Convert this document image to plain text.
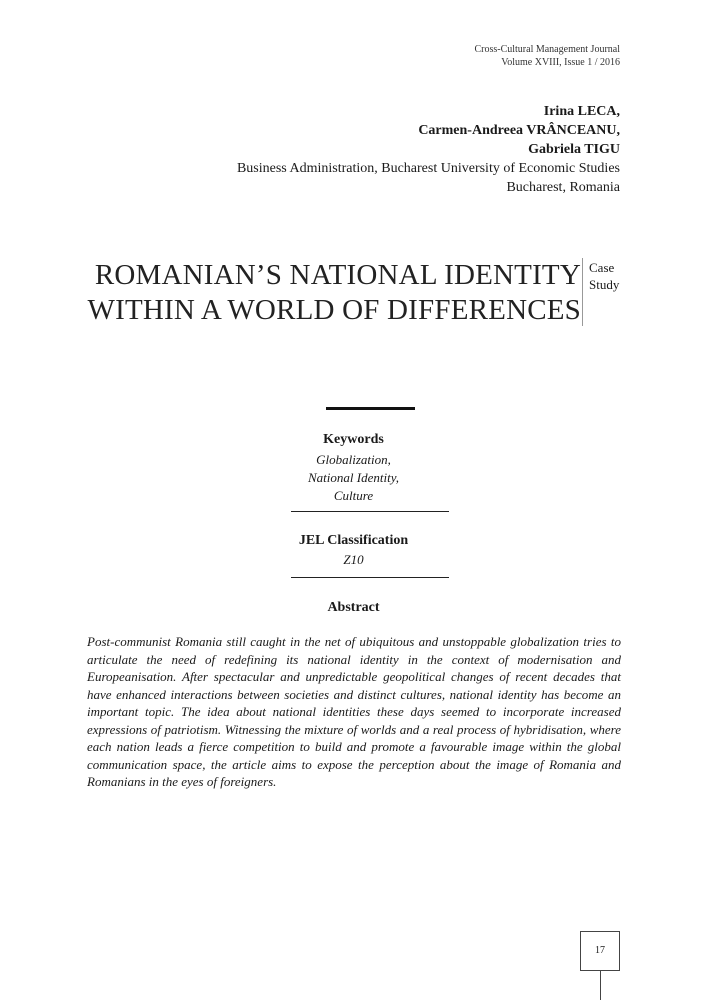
Cross-Cultural Management Journal
Volume XVIII, Issue 1 / 2016
Irina LECA,
Carmen-Andreea VRÂNCEANU,
Gabriela TIGU
Business Administration, Bucharest University of Economic Studies
Bucharest, Romania
ROMANIAN’S NATIONAL IDENTITY
WITHIN A WORLD OF DIFFERENCES
Case
Study
Keywords
Globalization,
National Identity,
Culture
JEL Classification
Z10
Abstract

Post-communist Romania still caught in the net of ubiquitous and unstoppable globalization tries to articulate the need of redefining its national identity in the context of modernisation and Europeanisation. After spectacular and unpredictable geopolitical changes of recent decades that have enhanced interactions between societies and distinct cultures, national identity has become an important topic. The idea about national identities these days seemed to incorporate increased expressions of patriotism. Witnessing the mixture of worlds and a real process of hybridisation, where each nation leads a fierce competition to build and promote a favourable image within the global communication space, the article aims to expose the perception about the image of Romania and Romanians in the eyes of foreigners.

17
